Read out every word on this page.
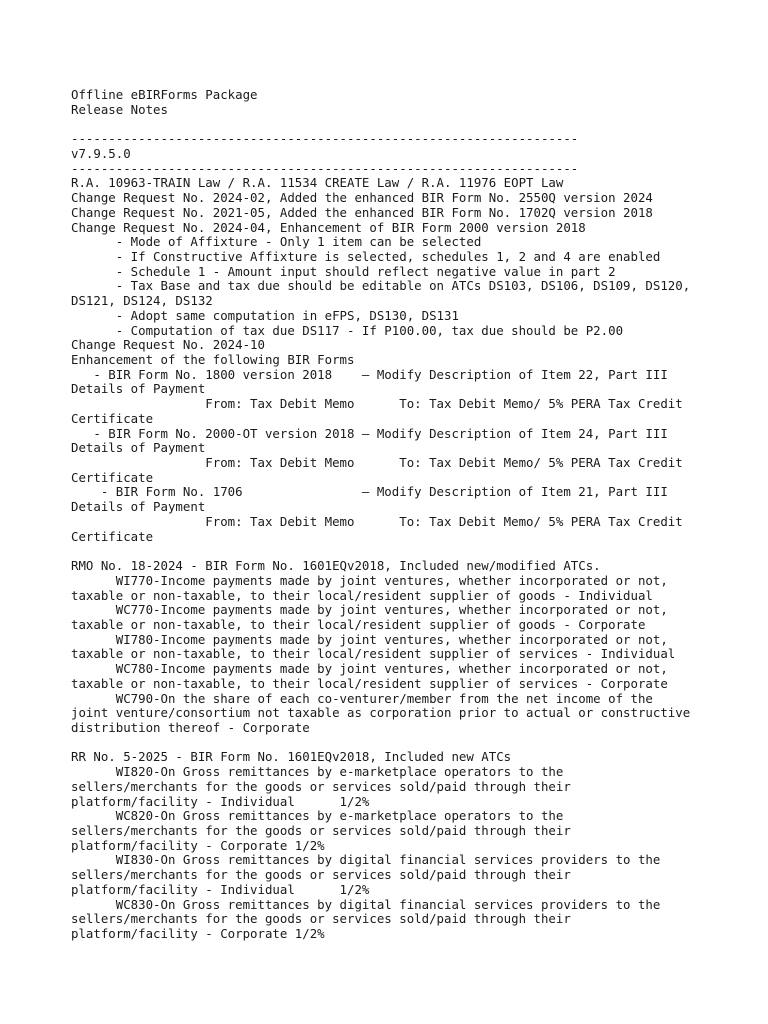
Offline eBIRForms Package
Release Notes
--------------------------------------------------------------------
v7.9.5.0
--------------------------------------------------------------------
R.A. 10963-TRAIN Law / R.A. 11534 CREATE Law / R.A. 11976 EOPT Law
Change Request No. 2024-02, Added the enhanced BIR Form No. 2550Q version 2024
Change Request No. 2021-05, Added the enhanced BIR Form No. 1702Q version 2018
Change Request No. 2024-04, Enhancement of BIR Form 2000 version 2018
- Mode of Affixture - Only 1 item can be selected
- If Constructive Affixture is selected, schedules 1, 2 and 4 are enabled
- Schedule 1 - Amount input should reflect negative value in part 2
- Tax Base and tax due should be editable on ATCs DS103, DS106, DS109, DS120,
DS121, DS124, DS132
- Adopt same computation in eFPS, DS130, DS131
- Computation of tax due DS117 - If P100.00, tax due should be P2.00
Change Request No. 2024-10
Enhancement of the following BIR Forms
- BIR Form No. 1800 version 2018    – Modify Description of Item 22, Part III
Details of Payment
From: Tax Debit Memo      To: Tax Debit Memo/ 5% PERA Tax Credit
Certificate
- BIR Form No. 2000-OT version 2018 – Modify Description of Item 24, Part III
Details of Payment
From: Tax Debit Memo      To: Tax Debit Memo/ 5% PERA Tax Credit
Certificate
- BIR Form No. 1706                – Modify Description of Item 21, Part III
Details of Payment
From: Tax Debit Memo      To: Tax Debit Memo/ 5% PERA Tax Credit
Certificate
RMO No. 18-2024 - BIR Form No. 1601EQv2018, Included new/modified ATCs.
WI770-Income payments made by joint ventures, whether incorporated or not,
taxable or non-taxable, to their local/resident supplier of goods - Individual
WC770-Income payments made by joint ventures, whether incorporated or not,
taxable or non-taxable, to their local/resident supplier of goods - Corporate
WI780-Income payments made by joint ventures, whether incorporated or not,
taxable or non-taxable, to their local/resident supplier of services - Individual
WC780-Income payments made by joint ventures, whether incorporated or not,
taxable or non-taxable, to their local/resident supplier of services - Corporate
WC790-On the share of each co-venturer/member from the net income of the
joint venture/consortium not taxable as corporation prior to actual or constructive
distribution thereof - Corporate
RR No. 5-2025 - BIR Form No. 1601EQv2018, Included new ATCs
WI820-On Gross remittances by e-marketplace operators to the
sellers/merchants for the goods or services sold/paid through their
platform/facility - Individual      1/2%
WC820-On Gross remittances by e-marketplace operators to the
sellers/merchants for the goods or services sold/paid through their
platform/facility - Corporate 1/2%
WI830-On Gross remittances by digital financial services providers to the
sellers/merchants for the goods or services sold/paid through their
platform/facility - Individual      1/2%
WC830-On Gross remittances by digital financial services providers to the
sellers/merchants for the goods or services sold/paid through their
platform/facility - Corporate 1/2%
